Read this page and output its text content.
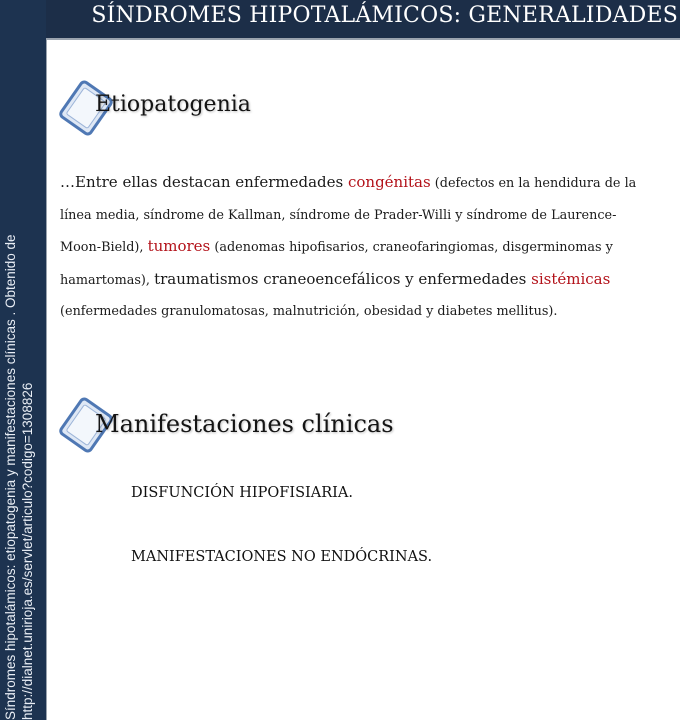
Síndromes hipotalámicos: etiopatogenia y manifestaciones clínicas . Obtenido de http://dialnet.unirioja.es/servlet/articulo?codigo=1308826
SÍNDROMES HIPOTALÁMICOS: GENERALIDADES
Etiopatogenia
…Entre ellas destacan enfermedades congénitas (defectos en la hendidura de la línea media, síndrome de Kallman, síndrome de Prader-Willi y síndrome de Laurence-Moon-Bield), tumores (adenomas hipofisarios, craneofaringiomas, disgerminomas y hamartomas), traumatismos craneoencefálicos y enfermedades sistémicas
(enfermedades granulomatosas, malnutrición, obesidad y diabetes mellitus).
Manifestaciones clínicas
DISFUNCIÓN HIPOFISIARIA.
MANIFESTACIONES NO ENDÓCRINAS.
